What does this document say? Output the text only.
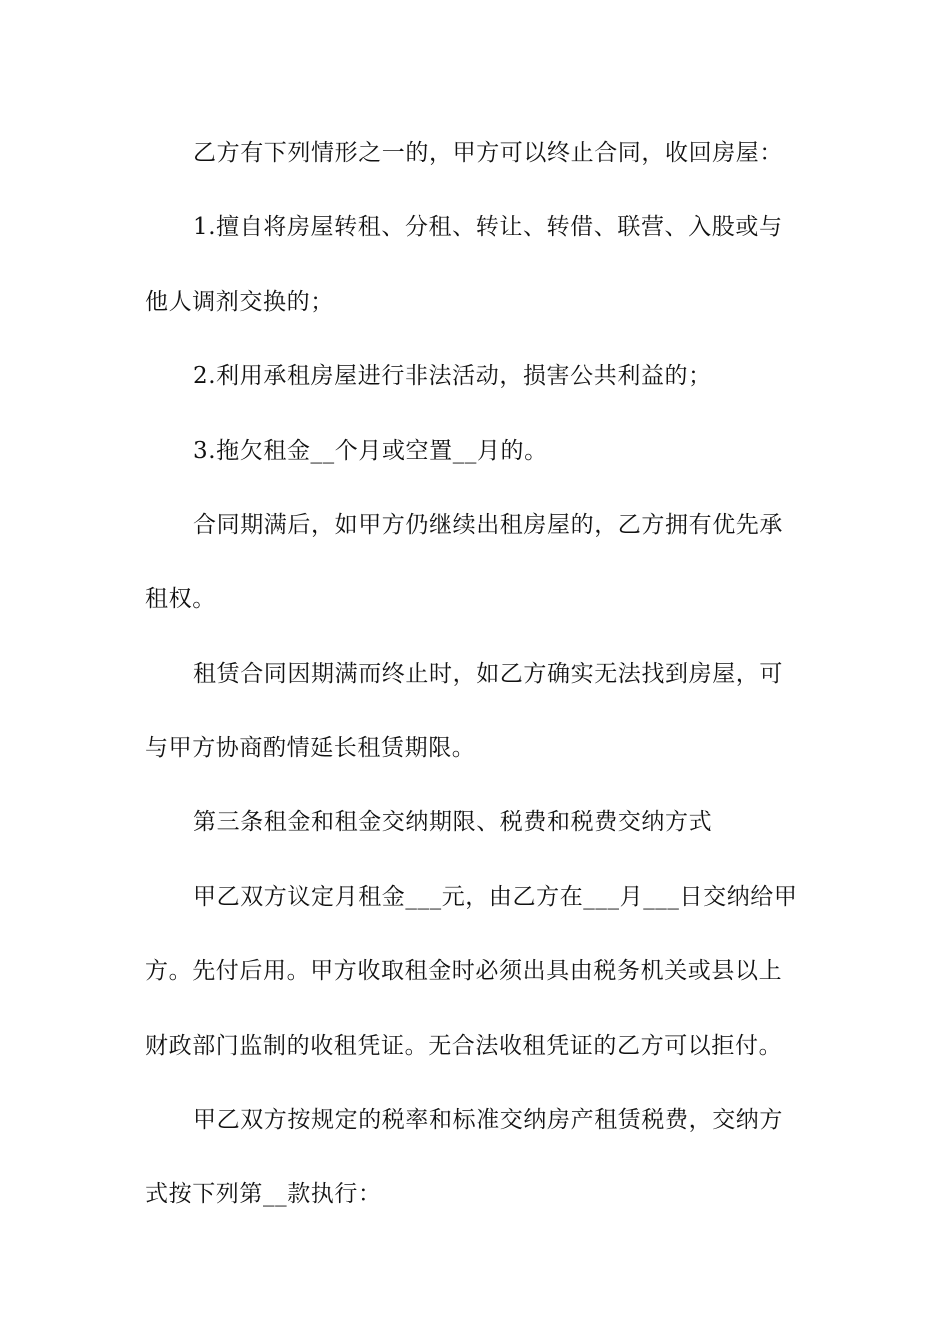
乙方有下列情形之一的，甲方可以终止合同，收回房屋：
1.擅自将房屋转租、分租、转让、转借、联营、入股或与
他人调剂交换的；
2.利用承租房屋进行非法活动，损害公共利益的；
3.拖欠租金__个月或空置__月的。
合同期满后，如甲方仍继续出租房屋的，乙方拥有优先承
租权。
租赁合同因期满而终止时，如乙方确实无法找到房屋，可
与甲方协商酌情延长租赁期限。
第三条租金和租金交纳期限、税费和税费交纳方式
甲乙双方议定月租金___元，由乙方在___月___日交纳给甲
方。先付后用。甲方收取租金时必须出具由税务机关或县以上
财政部门监制的收租凭证。无合法收租凭证的乙方可以拒付。
甲乙双方按规定的税率和标准交纳房产租赁税费，交纳方
式按下列第__款执行：
